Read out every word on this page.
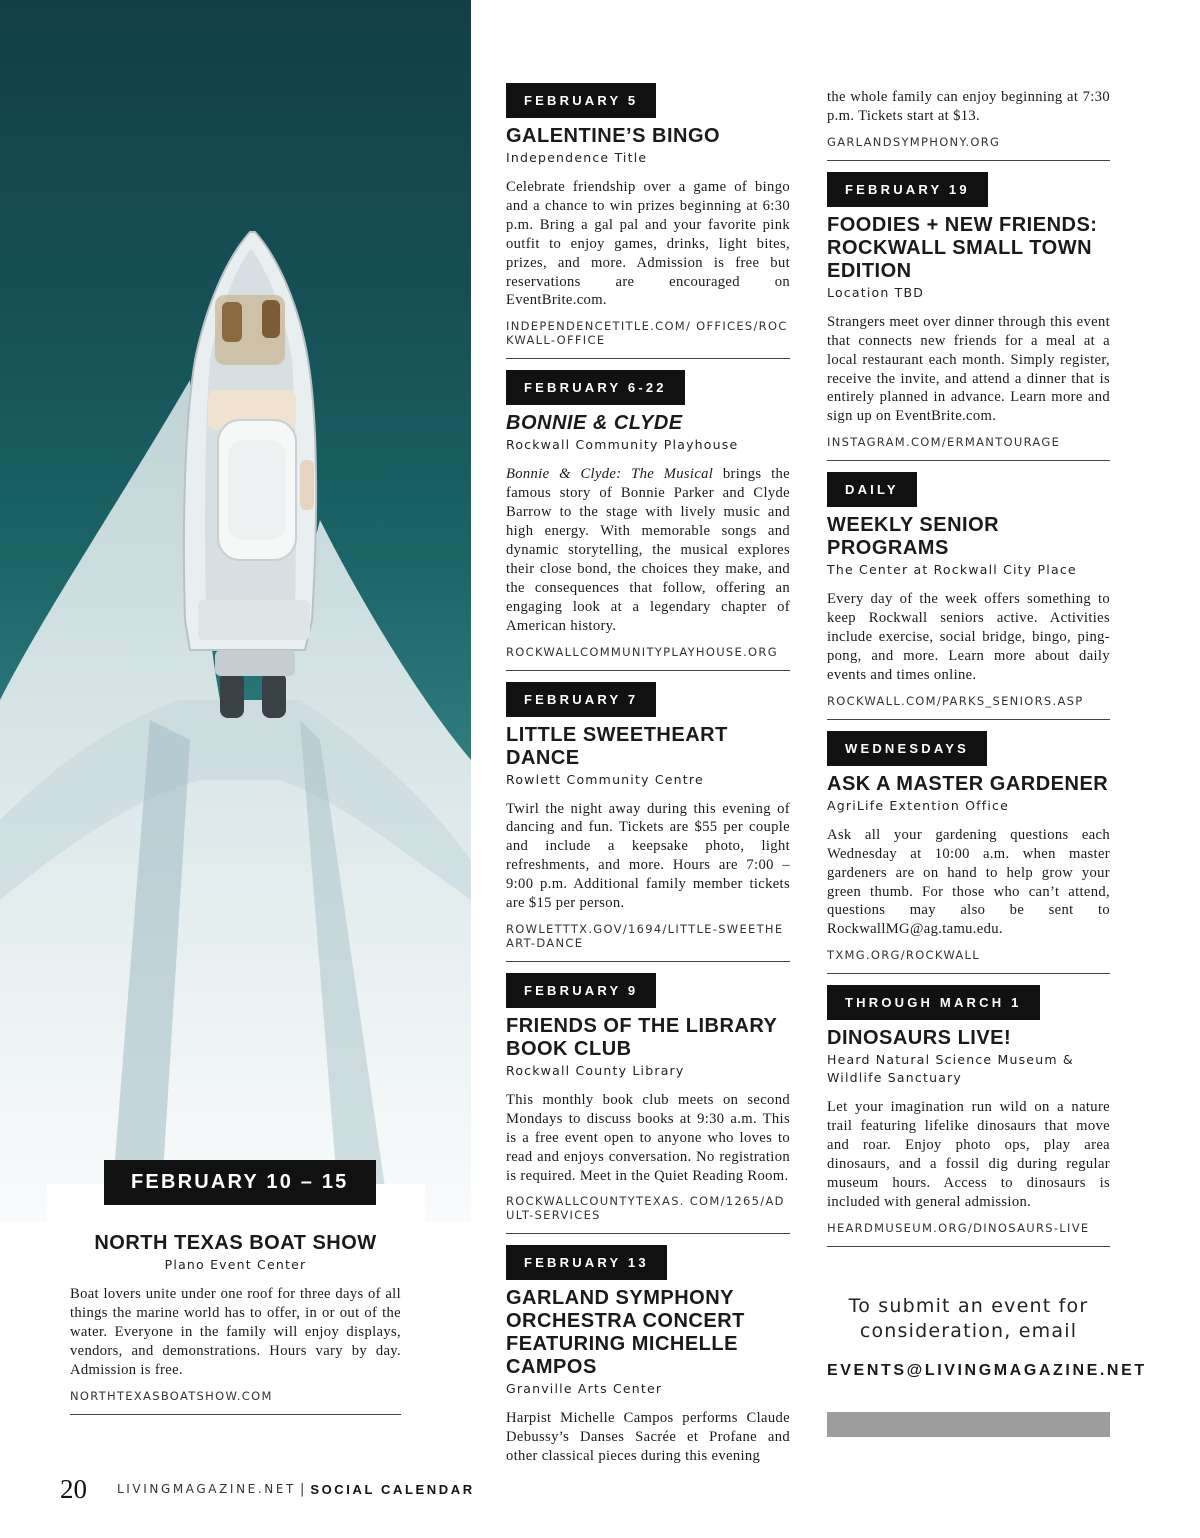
FEBRUARY 10 – 15
NORTH TEXAS BOAT SHOW
Plano Event Center
Boat lovers unite under one roof for three days of all things the marine world has to offer, in or out of the water. Everyone in the family will enjoy displays, vendors, and demonstrations. Hours vary by day. Admission is free.
NORTHTEXASBOATSHOW.COM
FEBRUARY 5
GALENTINE’S BINGO
Independence Title
Celebrate friendship over a game of bingo and a chance to win prizes beginning at 6:30 p.m. Bring a gal pal and your favorite pink outfit to enjoy games, drinks, light bites, prizes, and more. Admission is free but reservations are encouraged on EventBrite.com.
INDEPENDENCETITLE.COM/ OFFICES/ROCKWALL-OFFICE
FEBRUARY 6-22
BONNIE & CLYDE
Rockwall Community Playhouse
Bonnie & Clyde: The Musical brings the famous story of Bonnie Parker and Clyde Barrow to the stage with lively music and high energy. With memorable songs and dynamic storytelling, the musical explores their close bond, the choices they make, and the consequences that follow, offering an engaging look at a legendary chapter of American history.
ROCKWALLCOMMUNITYPLAYHOUSE.ORG
FEBRUARY 7
LITTLE SWEETHEART DANCE
Rowlett Community Centre
Twirl the night away during this evening of dancing and fun. Tickets are $55 per couple and include a keepsake photo, light refreshments, and more. Hours are 7:00 – 9:00 p.m. Additional family member tickets are $15 per person.
ROWLETTTX.GOV/1694/LITTLE-SWEETHEART-DANCE
FEBRUARY 9
FRIENDS OF THE LIBRARY BOOK CLUB
Rockwall County Library
This monthly book club meets on second Mondays to discuss books at 9:30 a.m. This is a free event open to anyone who loves to read and enjoys conversation. No registration is required. Meet in the Quiet Reading Room.
ROCKWALLCOUNTYTEXAS. COM/1265/ADULT-SERVICES
FEBRUARY 13
GARLAND SYMPHONY ORCHESTRA CONCERT FEATURING MICHELLE CAMPOS
Granville Arts Center
Harpist Michelle Campos performs Claude Debussy’s Danses Sacrée et Profane and other classical pieces during this evening
the whole family can enjoy beginning at 7:30 p.m. Tickets start at $13.
GARLANDSYMPHONY.ORG
FEBRUARY 19
FOODIES + NEW FRIENDS: ROCKWALL SMALL TOWN EDITION
Location TBD
Strangers meet over dinner through this event that connects new friends for a meal at a local restaurant each month. Simply register, receive the invite, and attend a dinner that is entirely planned in advance. Learn more and sign up on EventBrite.com.
INSTAGRAM.COM/ERMANTOURAGE
DAILY
WEEKLY SENIOR PROGRAMS
The Center at Rockwall City Place
Every day of the week offers something to keep Rockwall seniors active. Activities include exercise, social bridge, bingo, ping-pong, and more. Learn more about daily events and times online.
ROCKWALL.COM/PARKS_SENIORS.ASP
WEDNESDAYS
ASK A MASTER GARDENER
AgriLife Extention Office
Ask all your gardening questions each Wednesday at 10:00 a.m. when master gardeners are on hand to help grow your green thumb. For those who can’t attend, questions may also be sent to RockwallMG@ag.tamu.edu.
TXMG.ORG/ROCKWALL
THROUGH MARCH 1
DINOSAURS LIVE!
Heard Natural Science Museum & Wildlife Sanctuary
Let your imagination run wild on a nature trail featuring lifelike dinosaurs that move and roar. Enjoy photo ops, play area dinosaurs, and a fossil dig during regular museum hours. Access to dinosaurs is included with general admission.
HEARDMUSEUM.ORG/DINOSAURS-LIVE
To submit an event for consideration, email
EVENTS@LIVINGMAGAZINE.NET
20	LIVINGMAGAZINE.NET | SOCIAL CALENDAR
